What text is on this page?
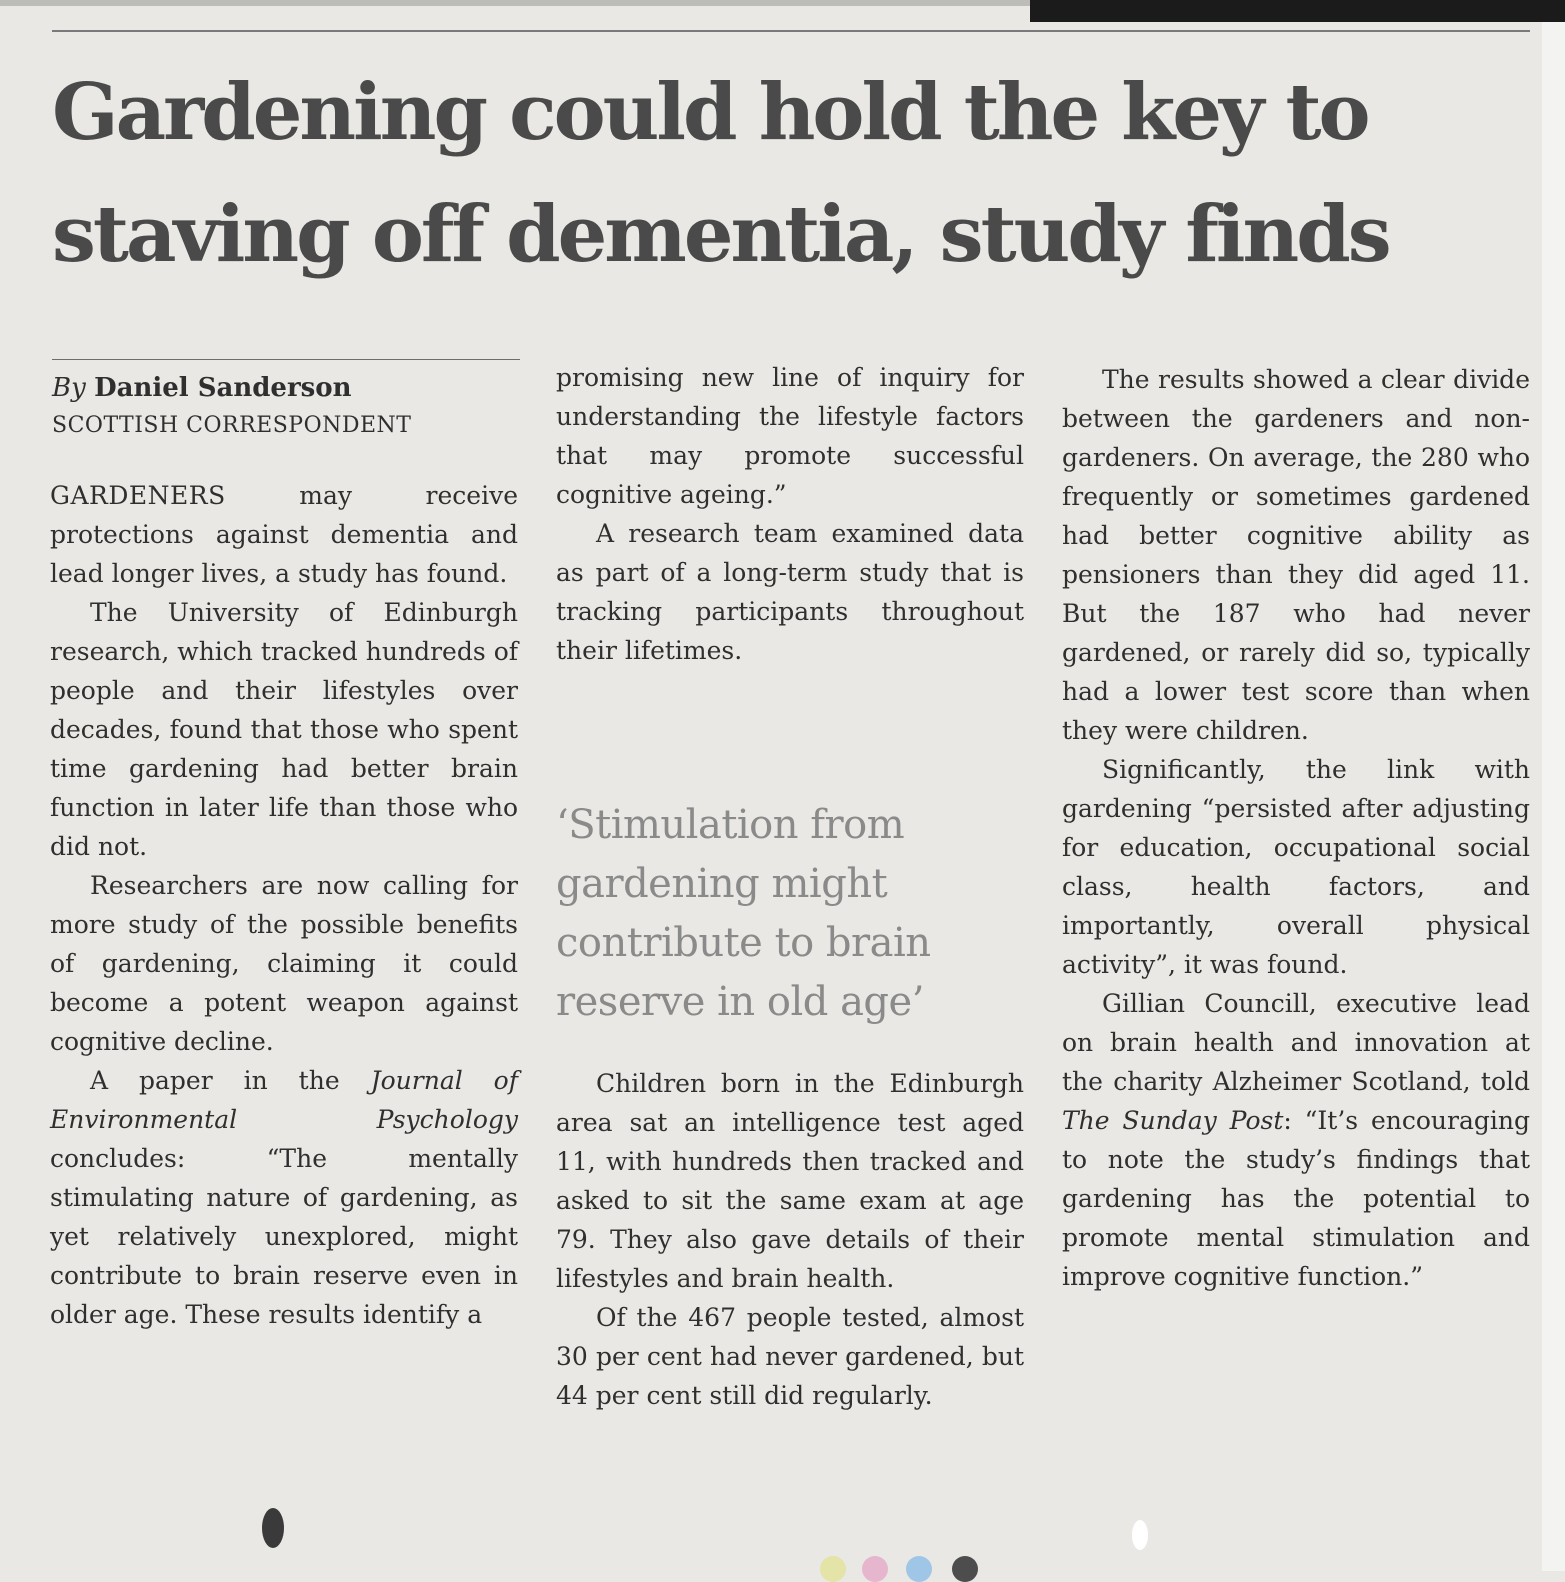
Gardening could hold the key to
staving off dementia, study finds
By Daniel Sanderson
SCOTTISH CORRESPONDENT

GARDENERS may receive protections against dementia and lead longer lives, a study has found.

The University of Edinburgh research, which tracked hundreds of people and their lifestyles over decades, found that those who spent time gardening had better brain function in later life than those who did not.

Researchers are now calling for more study of the possible benefits of gardening, claiming it could become a potent weapon against cognitive decline.

A paper in the Journal of Environmental Psychology concludes: “The mentally stimulating nature of gardening, as yet relatively unexplored, might contribute to brain reserve even in older age. These results identify a

promising new line of inquiry for understanding the lifestyle factors that may promote successful cognitive ageing.”

A research team examined data as part of a long-term study that is tracking participants throughout their lifetimes.

‘Stimulation from gardening might contribute to brain reserve in old age’

Children born in the Edinburgh area sat an intelligence test aged 11, with hundreds then tracked and asked to sit the same exam at age 79. They also gave details of their lifestyles and brain health.

Of the 467 people tested, almost 30 per cent had never gardened, but 44 per cent still did regularly.

The results showed a clear divide between the gardeners and non-gardeners. On average, the 280 who frequently or sometimes gardened had better cognitive ability as pensioners than they did aged 11. But the 187 who had never gardened, or rarely did so, typically had a lower test score than when they were children.

Significantly, the link with gardening “persisted after adjusting for education, occupational social class, health factors, and importantly, overall physical activity”, it was found.

Gillian Councill, executive lead on brain health and innovation at the charity Alzheimer Scotland, told The Sunday Post: “It’s encouraging to note the study’s findings that gardening has the potential to promote mental stimulation and improve cognitive function.”
